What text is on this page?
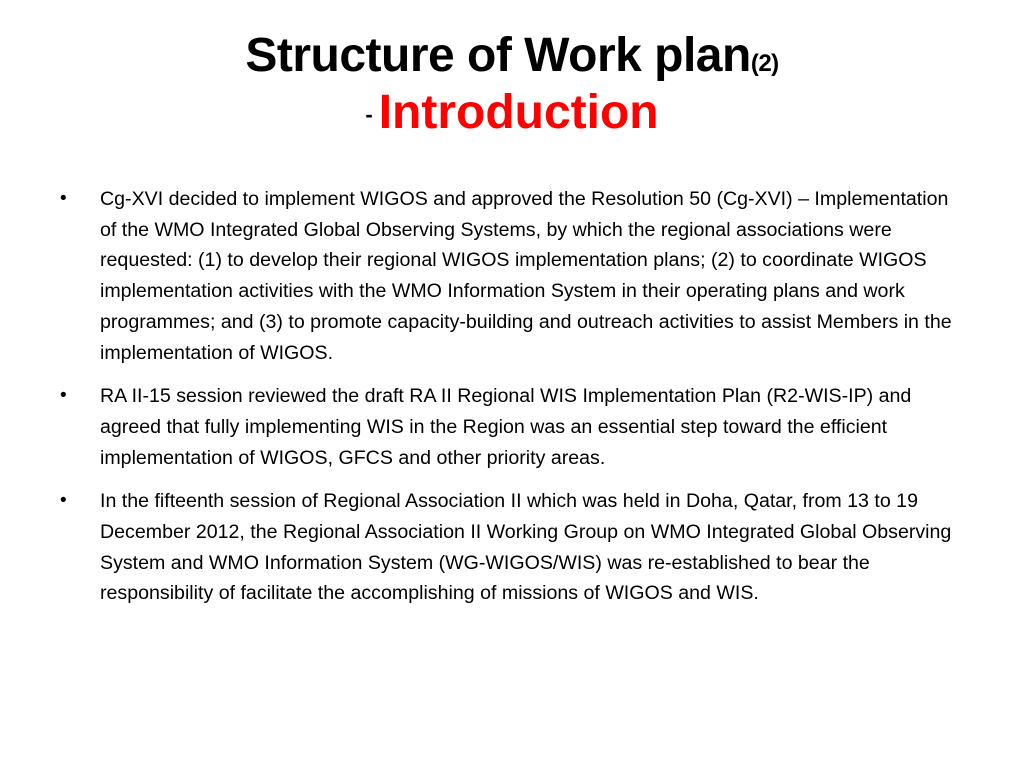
Structure of Work plan(2)
- Introduction
• Cg-XVI decided to implement WIGOS and approved the Resolution 50 (Cg-XVI) – Implementation of the WMO Integrated Global Observing Systems, by which the regional associations were requested: (1) to develop their regional WIGOS implementation plans; (2) to coordinate WIGOS implementation activities with the WMO Information System in their operating plans and work programmes; and (3) to promote capacity-building and outreach activities to assist Members in the implementation of WIGOS.
• RA II-15 session reviewed the draft RA II Regional WIS Implementation Plan (R2-WIS-IP) and agreed that fully implementing WIS in the Region was an essential step toward the efficient implementation of WIGOS, GFCS and other priority areas.
• In the fifteenth session of Regional Association II which was held in Doha, Qatar, from 13 to 19 December 2012, the Regional Association II Working Group on WMO Integrated Global Observing System and WMO Information System (WG-WIGOS/WIS) was re-established to bear the responsibility of facilitate the accomplishing of missions of WIGOS and WIS.
